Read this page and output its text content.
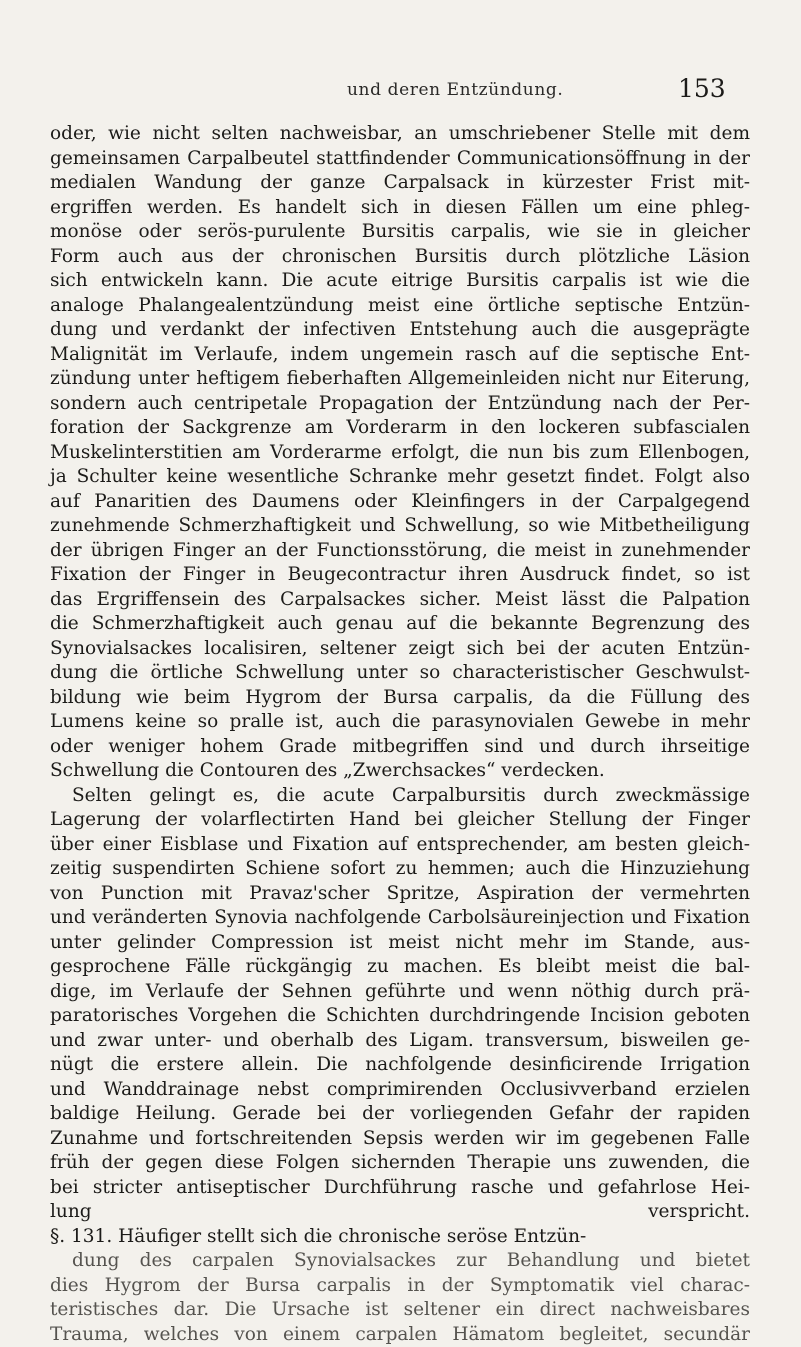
und deren Entzündung.	153
oder, wie nicht selten nachweisbar, an umschriebener Stelle mit dem
gemeinsamen Carpalbeutel stattfindender Communicationsöffnung in der
medialen Wandung der ganze Carpalsack in kürzester Frist mit-
ergriffen werden. Es handelt sich in diesen Fällen um eine phleg-
monöse oder serös-purulente Bursitis carpalis, wie sie in gleicher
Form auch aus der chronischen Bursitis durch plötzliche Läsion
sich entwickeln kann. Die acute eitrige Bursitis carpalis ist wie die
analoge Phalangealentzündung meist eine örtliche septische Entzün-
dung und verdankt der infectiven Entstehung auch die ausgeprägte
Malignität im Verlaufe, indem ungemein rasch auf die septische Ent-
zündung unter heftigem fieberhaften Allgemeinleiden nicht nur Eiterung,
sondern auch centripetale Propagation der Entzündung nach der Per-
foration der Sackgrenze am Vorderarm in den lockeren subfascialen
Muskelinterstitien am Vorderarme erfolgt, die nun bis zum Ellenbogen,
ja Schulter keine wesentliche Schranke mehr gesetzt findet. Folgt also
auf Panaritien des Daumens oder Kleinfingers in der Carpalgegend
zunehmende Schmerzhaftigkeit und Schwellung, so wie Mitbetheiligung
der übrigen Finger an der Functionsstörung, die meist in zunehmender
Fixation der Finger in Beugecontractur ihren Ausdruck findet, so ist
das Ergriffensein des Carpalsackes sicher. Meist lässt die Palpation
die Schmerzhaftigkeit auch genau auf die bekannte Begrenzung des
Synovialsackes localisiren, seltener zeigt sich bei der acuten Entzün-
dung die örtliche Schwellung unter so characteristischer Geschwulst-
bildung wie beim Hygrom der Bursa carpalis, da die Füllung des
Lumens keine so pralle ist, auch die parasynovialen Gewebe in mehr
oder weniger hohem Grade mitbegriffen sind und durch ihrseitige
Schwellung die Contouren des „Zwerchsackes“ verdecken.
Selten gelingt es, die acute Carpalbursitis durch zweckmässige
Lagerung der volarflectirten Hand bei gleicher Stellung der Finger
über einer Eisblase und Fixation auf entsprechender, am besten gleich-
zeitig suspendirten Schiene sofort zu hemmen; auch die Hinzuziehung
von Punction mit Pravaz'scher Spritze, Aspiration der vermehrten
und veränderten Synovia nachfolgende Carbolsäureinjection und Fixation
unter gelinder Compression ist meist nicht mehr im Stande, aus-
gesprochene Fälle rückgängig zu machen. Es bleibt meist die bal-
dige, im Verlaufe der Sehnen geführte und wenn nöthig durch prä-
paratorisches Vorgehen die Schichten durchdringende Incision geboten
und zwar unter- und oberhalb des Ligam. transversum, bisweilen ge-
nügt die erstere allein. Die nachfolgende desinficirende Irrigation
und Wanddrainage nebst comprimirenden Occlusivverband erzielen
baldige Heilung. Gerade bei der vorliegenden Gefahr der rapiden
Zunahme und fortschreitenden Sepsis werden wir im gegebenen Falle
früh der gegen diese Folgen sichernden Therapie uns zuwenden, die
bei stricter antiseptischer Durchführung rasche und gefahrlose Hei-
lung verspricht.
§. 131. Häufiger stellt sich die chronische seröse Entzün-
dung des carpalen Synovialsackes zur Behandlung und bietet
dies Hygrom der Bursa carpalis in der Symptomatik viel charac-
teristisches dar. Die Ursache ist seltener ein direct nachweisbares
Trauma, welches von einem carpalen Hämatom begleitet, secundär
